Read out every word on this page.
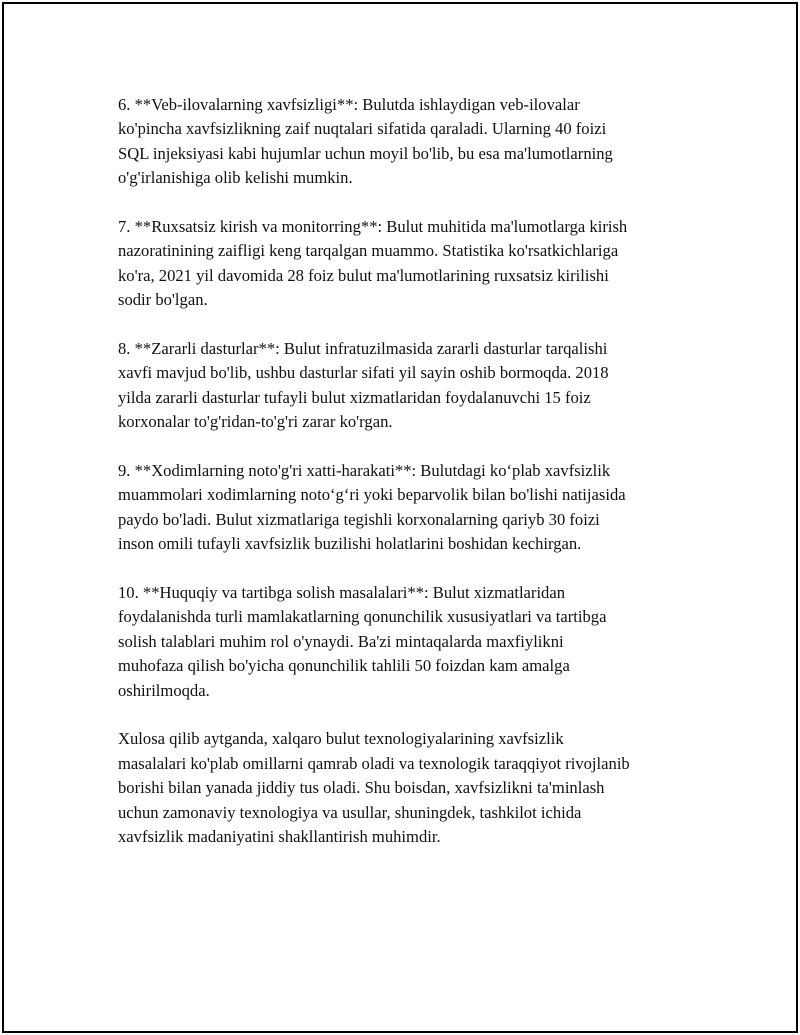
6. **Veb-ilovalarning xavfsizligi**: Bulutda ishlaydigan veb-ilovalar
ko'pincha xavfsizlikning zaif nuqtalari sifatida qaraladi. Ularning 40 foizi
SQL injeksiyasi kabi hujumlar uchun moyil bo'lib, bu esa ma'lumotlarning
o'g'irlanishiga olib kelishi mumkin.

7. **Ruxsatsiz kirish va monitorring**: Bulut muhitida ma'lumotlarga kirish
nazoratinining zaifligi keng tarqalgan muammo. Statistika ko'rsatkichlariga
ko'ra, 2021 yil davomida 28 foiz bulut ma'lumotlarining ruxsatsiz kirilishi
sodir bo'lgan.

8. **Zararli dasturlar**: Bulut infratuzilmasida zararli dasturlar tarqalishi
xavfi mavjud bo'lib, ushbu dasturlar sifati yil sayin oshib bormoqda. 2018
yilda zararli dasturlar tufayli bulut xizmatlaridan foydalanuvchi 15 foiz
korxonalar to'g'ridan-to'g'ri zarar ko'rgan.

9. **Xodimlarning noto'g'ri xatti-harakati**: Bulutdagi ko‘plab xavfsizlik
muammolari xodimlarning noto‘g‘ri yoki beparvolik bilan bo'lishi natijasida
paydo bo'ladi. Bulut xizmatlariga tegishli korxonalarning qariyb 30 foizi
inson omili tufayli xavfsizlik buzilishi holatlarini boshidan kechirgan.

10. **Huquqiy va tartibga solish masalalari**: Bulut xizmatlaridan
foydalanishda turli mamlakatlarning qonunchilik xususiyatlari va tartibga
solish talablari muhim rol o'ynaydi. Ba'zi mintaqalarda maxfiylikni
muhofaza qilish bo'yicha qonunchilik tahlili 50 foizdan kam amalga
oshirilmoqda.

Xulosa qilib aytganda, xalqaro bulut texnologiyalarining xavfsizlik
masalalari ko'plab omillarni qamrab oladi va texnologik taraqqiyot rivojlanib
borishi bilan yanada jiddiy tus oladi. Shu boisdan, xavfsizlikni ta'minlash
uchun zamonaviy texnologiya va usullar, shuningdek, tashkilot ichida
xavfsizlik madaniyatini shakllantirish muhimdir.
